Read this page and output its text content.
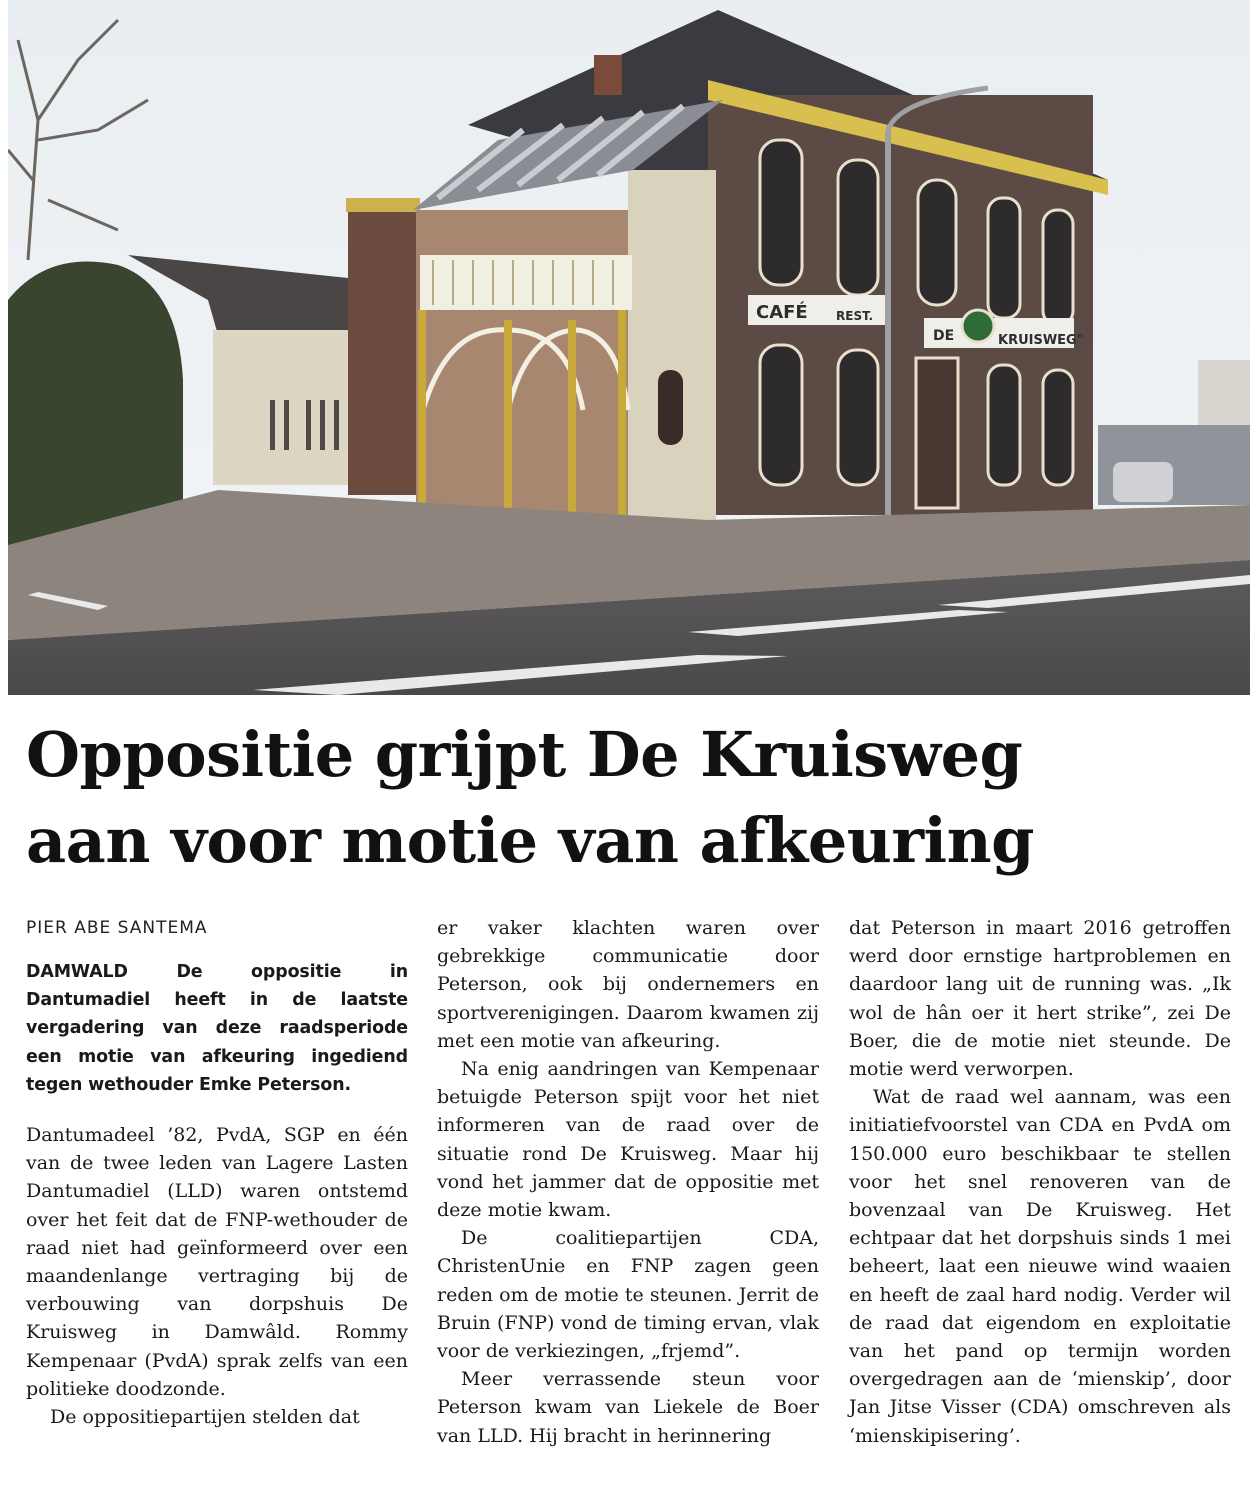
CAFÉ REST.
DE	KRUISWEG"
Oppositie grijpt De Kruisweg
aan voor motie van afkeuring

PIER ABE SANTEMA

DAMWALD	De oppositie in Dantumadiel heeft in de laatste vergadering van deze raadsperiode een motie van afkeuring ingediend tegen wethouder Emke Peterson.

Dantumadeel ’82, PvdA, SGP en één van de twee leden van Lagere Lasten Dantumadiel (LLD) waren ontstemd over het feit dat de FNP-wethouder de raad niet had geïnformeerd over een maandenlange vertraging bij de verbouwing van dorpshuis De Kruisweg in Damwâld. Rommy Kempenaar (PvdA) sprak zelfs van een politieke doodzonde.

De oppositiepartijen stelden dat

er vaker klachten waren over gebrekkige communicatie door Peterson, ook bij ondernemers en sportverenigingen. Daarom kwamen zij met een motie van afkeuring.

Na enig aandringen van Kempenaar betuigde Peterson spijt voor het niet informeren van de raad over de situatie rond De Kruisweg. Maar hij vond het jammer dat de oppositie met deze motie kwam.

De coalitiepartijen CDA, ChristenUnie en FNP zagen geen reden om de motie te steunen. Jerrit de Bruin (FNP) vond de timing ervan, vlak voor de verkiezingen, „frjemd”.

Meer verrassende steun voor Peterson kwam van Liekele de Boer van LLD. Hij bracht in herinnering

dat Peterson in maart 2016 getroffen werd door ernstige hartproblemen en daardoor lang uit de running was. „Ik wol de hân oer it hert strike”, zei De Boer, die de motie niet steunde. De motie werd verworpen.

Wat de raad wel aannam, was een initiatiefvoorstel van CDA en PvdA om 150.000 euro beschikbaar te stellen voor het snel renoveren van de bovenzaal van De Kruisweg. Het echtpaar dat het dorpshuis sinds 1 mei beheert, laat een nieuwe wind waaien en heeft de zaal hard nodig. Verder wil de raad dat eigendom en exploitatie van het pand op termijn worden overgedragen aan de ‘mienskip’, door Jan Jitse Visser (CDA) omschreven als ‘mienskipisering’.
